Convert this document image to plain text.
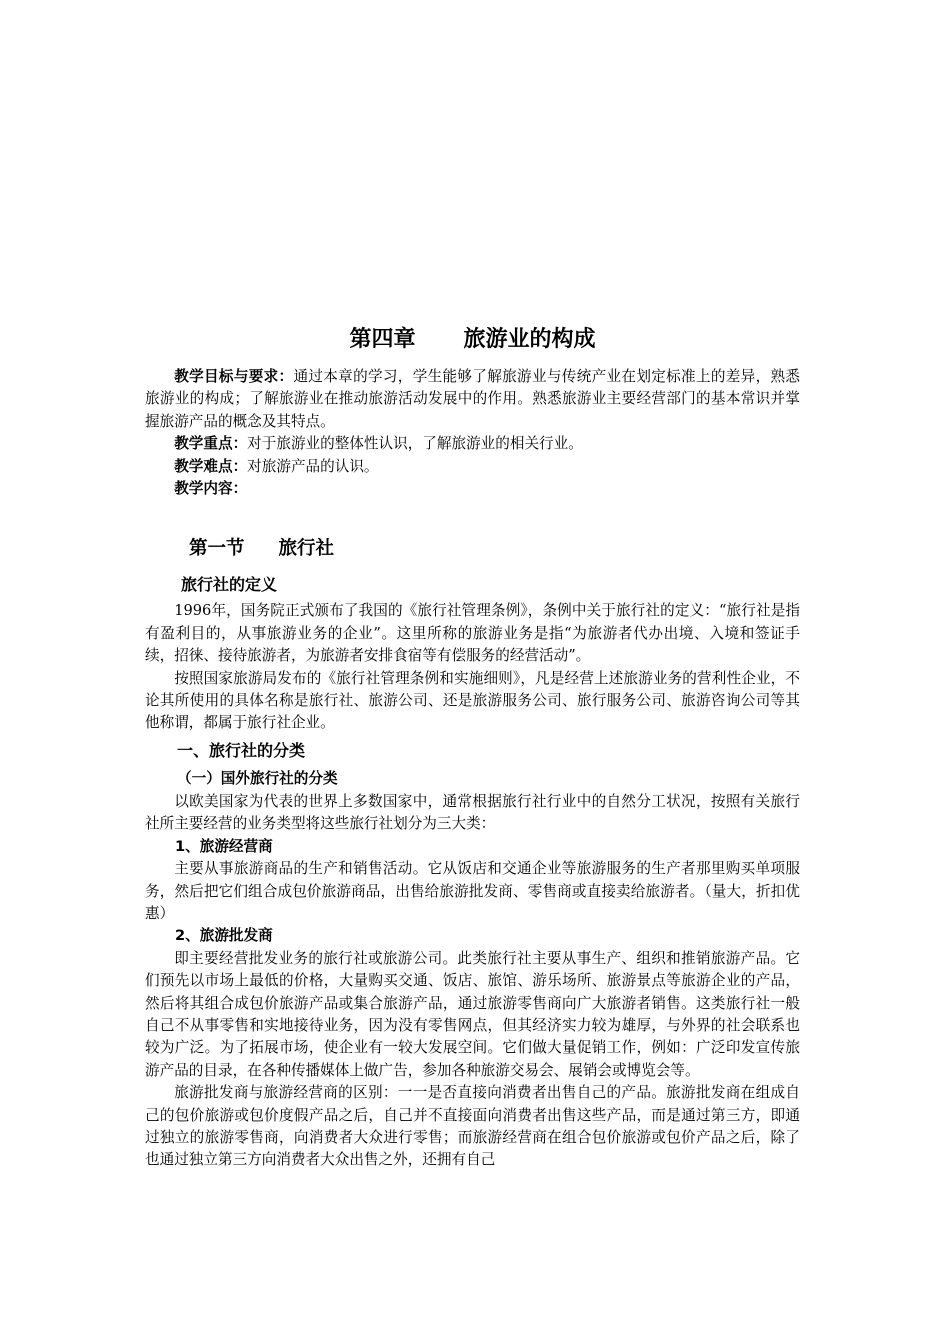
第四章 旅游业的构成

教学目标与要求：通过本章的学习，学生能够了解旅游业与传统产业在划定标准上的差异，熟悉旅游业的构成；了解旅游业在推动旅游活动发展中的作用。熟悉旅游业主要经营部门的基本常识并掌握旅游产品的概念及其特点。

教学重点：对于旅游业的整体性认识，了解旅游业的相关行业。

教学难点：对旅游产品的认识。

教学内容：

第一节 旅行社
旅行社的定义

1996年，国务院正式颁布了我国的《旅行社管理条例》，条例中关于旅行社的定义：“旅行社是指有盈利目的，从事旅游业务的企业”。这里所称的旅游业务是指“为旅游者代办出境、入境和签证手续，招徕、接待旅游者，为旅游者安排食宿等有偿服务的经营活动”。

按照国家旅游局发布的《旅行社管理条例和实施细则》，凡是经营上述旅游业务的营利性企业，不论其所使用的具体名称是旅行社、旅游公司、还是旅游服务公司、旅行服务公司、旅游咨询公司等其他称谓，都属于旅行社企业。

一、旅行社的分类
（一）国外旅行社的分类

以欧美国家为代表的世界上多数国家中，通常根据旅行社行业中的自然分工状况，按照有关旅行社所主要经营的业务类型将这些旅行社划分为三大类：

1、旅游经营商

主要从事旅游商品的生产和销售活动。它从饭店和交通企业等旅游服务的生产者那里购买单项服务，然后把它们组合成包价旅游商品，出售给旅游批发商、零售商或直接卖给旅游者。（量大，折扣优惠）

2、旅游批发商

即主要经营批发业务的旅行社或旅游公司。此类旅行社主要从事生产、组织和推销旅游产品。它们预先以市场上最低的价格，大量购买交通、饭店、旅馆、游乐场所、旅游景点等旅游企业的产品，然后将其组合成包价旅游产品或集合旅游产品，通过旅游零售商向广大旅游者销售。这类旅行社一般自己不从事零售和实地接待业务，因为没有零售网点，但其经济实力较为雄厚，与外界的社会联系也较为广泛。为了拓展市场，使企业有一较大发展空间。它们做大量促销工作，例如：广泛印发宣传旅游产品的目录，在各种传播媒体上做广告，参加各种旅游交易会、展销会或博览会等。

旅游批发商与旅游经营商的区别：一一是否直接向消费者出售自己的产品。旅游批发商在组成自己的包价旅游或包价度假产品之后，自己并不直接面向消费者出售这些产品，而是通过第三方，即通过独立的旅游零售商，向消费者大众进行零售；而旅游经营商在组合包价旅游或包价产品之后，除了也通过独立第三方向消费者大众出售之外，还拥有自己
